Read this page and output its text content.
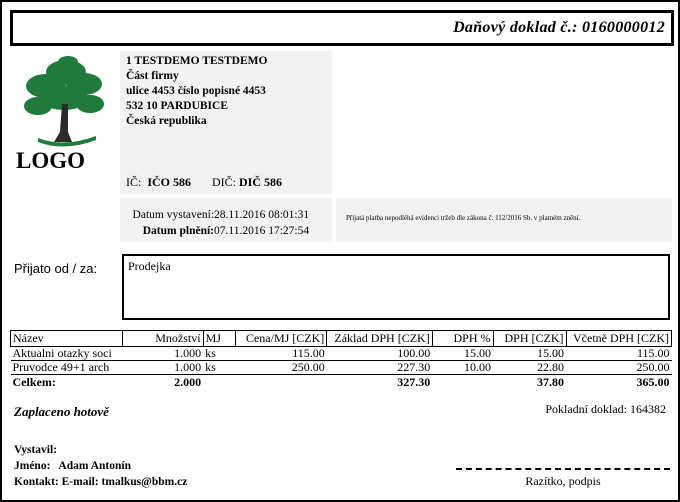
Daňový doklad č.: 0160000012
LOGO
1 TESTDEMO TESTDEMO
Část firmy
ulice 4453 číslo popisné 4453
532 10 PARDUBICE
Česká republika
IČ: IČO 586 DIČ: DIČ 586
Datum vystavení:28.11.2016 08:01:31
Datum plnění:07.11.2016 17:27:54
Přijatá platba nepodléhá evidenci tržeb dle zákona č. 112/2016 Sb. v platném znění.
Přijato od / za:	Prodejka
Název	Množství	MJ	Cena/MJ [CZK]	Základ DPH [CZK]	DPH %	DPH [CZK]	Včetně DPH [CZK]
Aktualni otazky soci	1.000	ks	115.00	100.00	15.00	15.00	115.00
Pruvodce 49+1 arch	1.000	ks	250.00	227.30	10.00	22.80	250.00
Celkem:	2.000			327.30		37.80	365.00
Zaplaceno hotově	Pokladní doklad: 164382
Vystavil:
Jméno: Adam Antonín
Kontakt: E-mail: tmalkus@bbm.cz	Razítko, podpis
